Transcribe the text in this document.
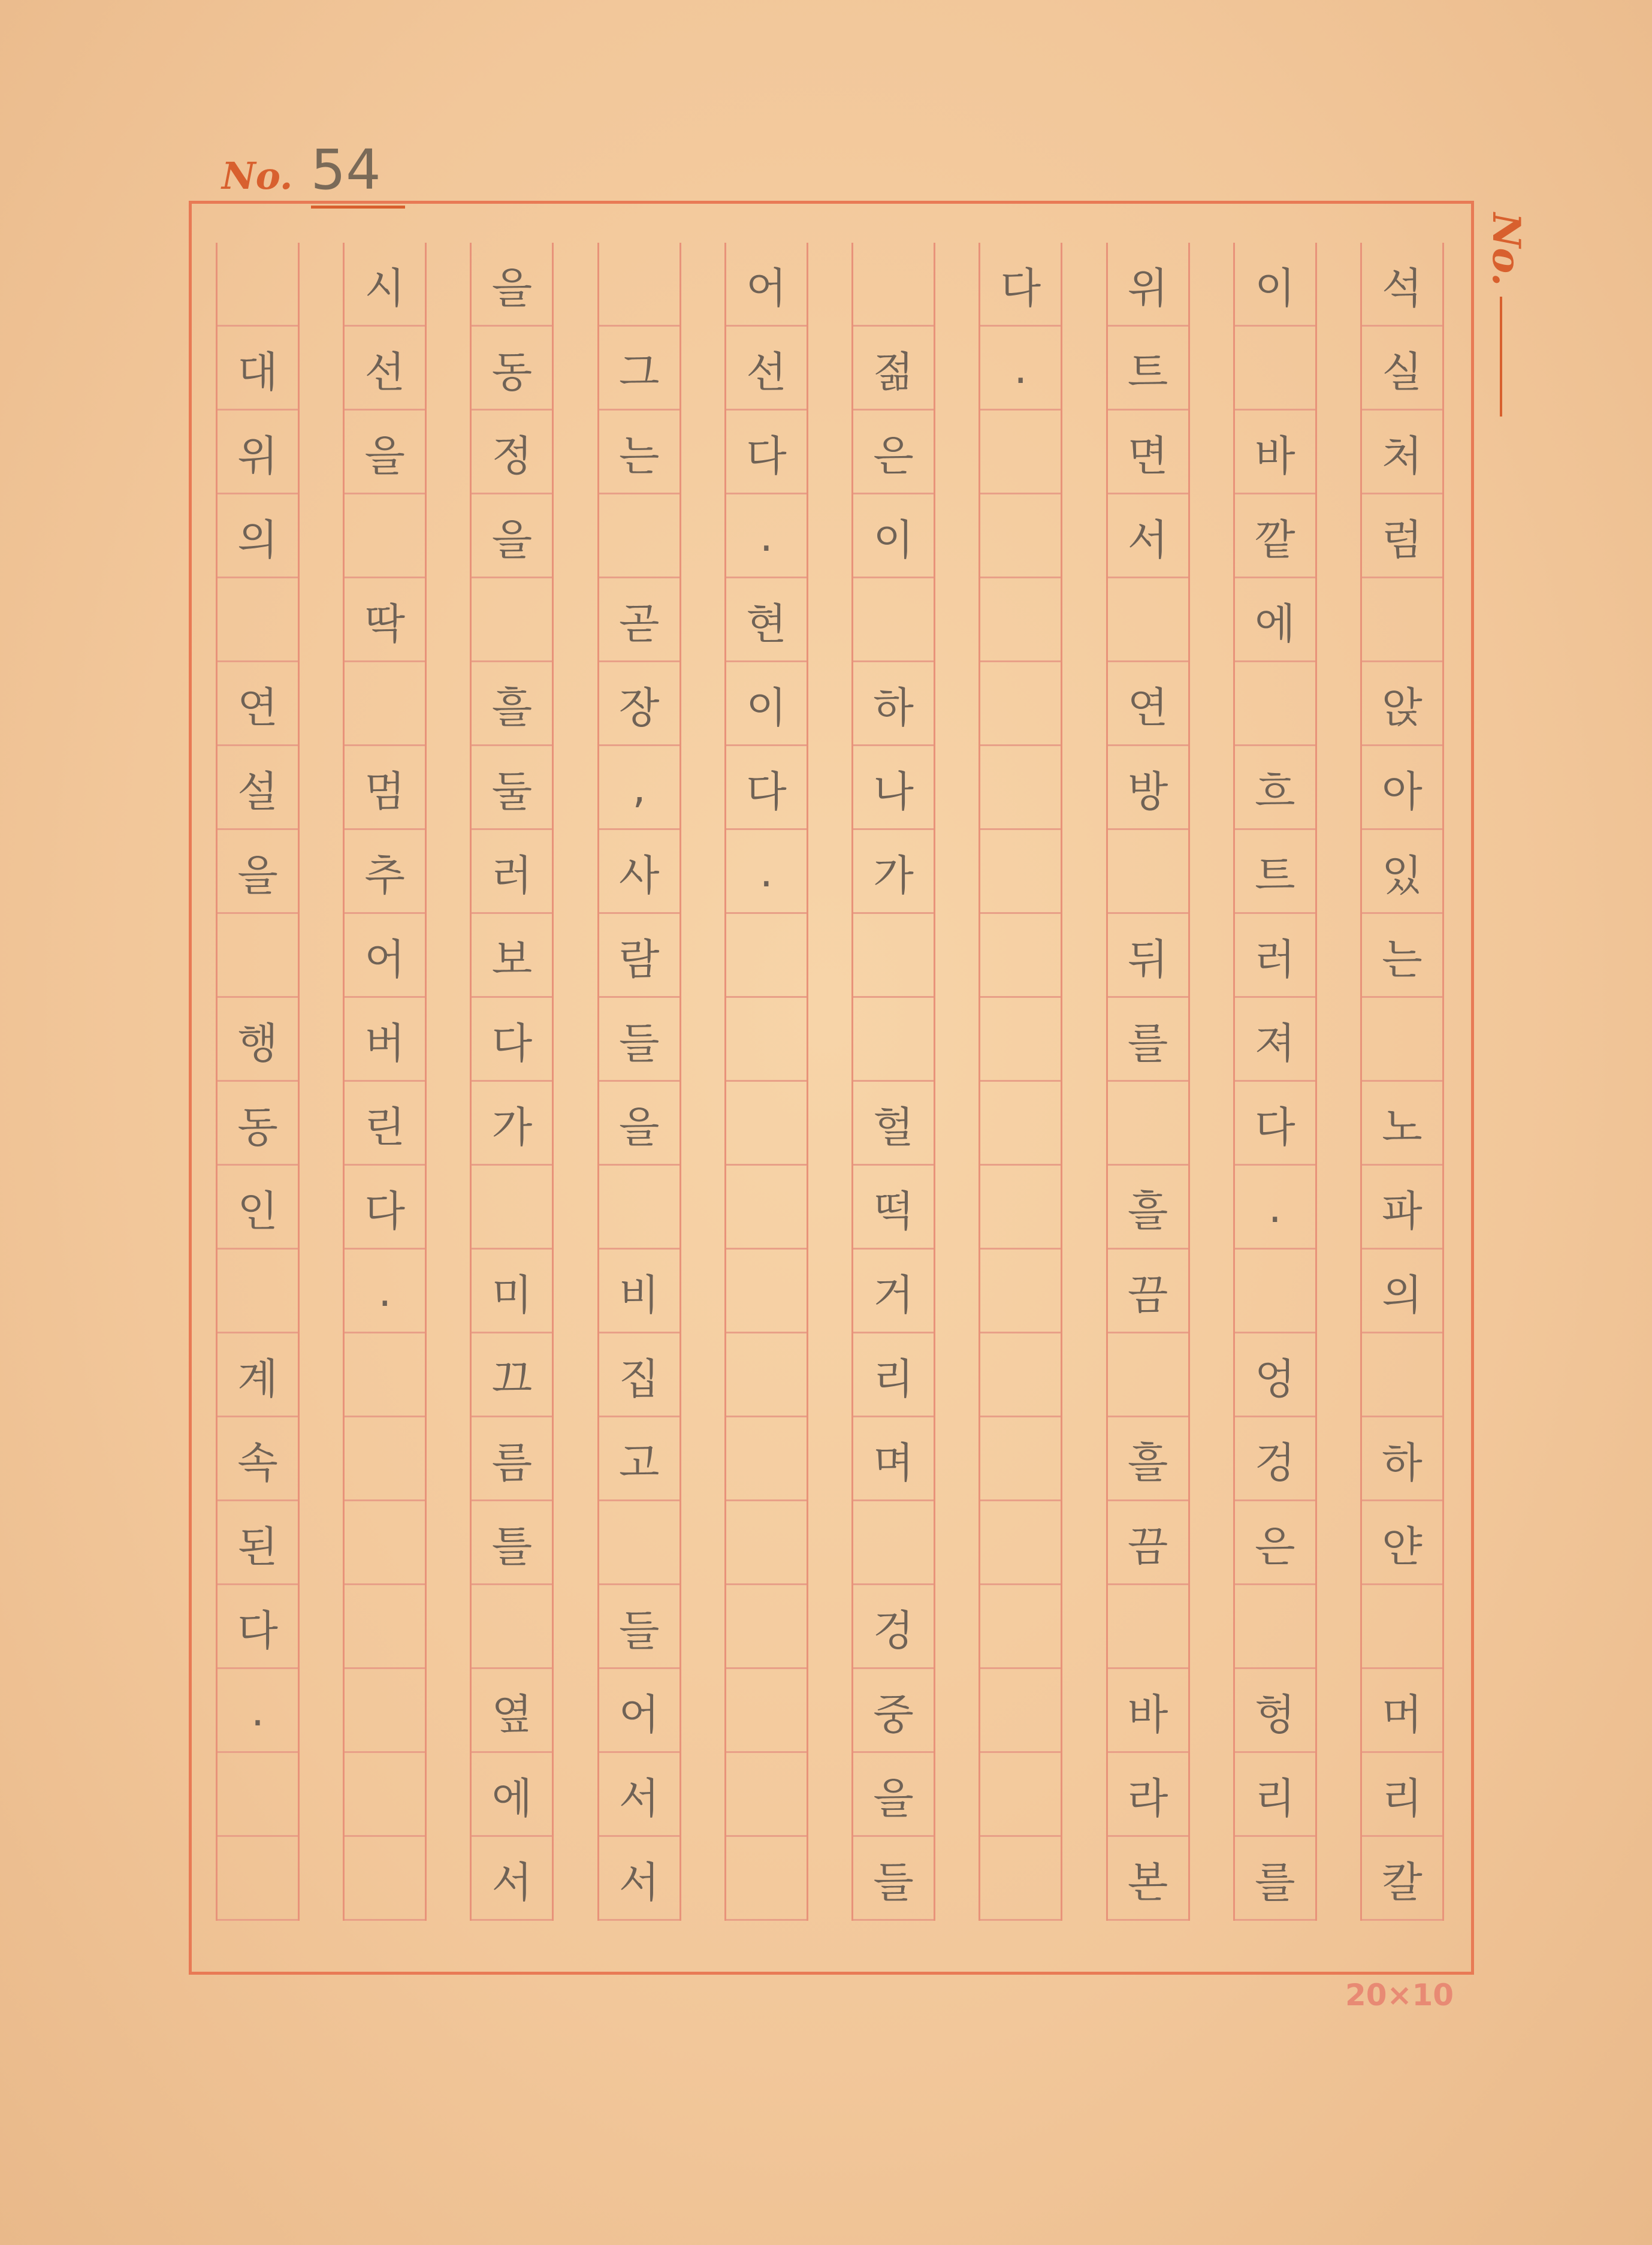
No. 54
No.
석
실
처
럼
앉
아
있
는
노
파
의
하
얀
머
리
칼
이
바
깥
에
흐
트
러
져
다
.
엉
겅
은
헝
리
를
위
트
면
서
연
방
뒤
를
흘
끔
흘
끔
바
라
본
다
.
젊
은
이
하
나
가
헐
떡
거
리
며
겅
중
을
들
어
선
다
.
현
이
다
.
그
는
곧
장
,
사
람
들
을
비
집
고
들
어
서
서
을
동
정
을
흘
둘
러
보
다
가
미
끄
름
틀
옆
에
서
시
선
을
딱
멈
추
어
버
린
다
.
대
위
의
연
설
을
행
동
인
계
속
된
다
.
20×10
